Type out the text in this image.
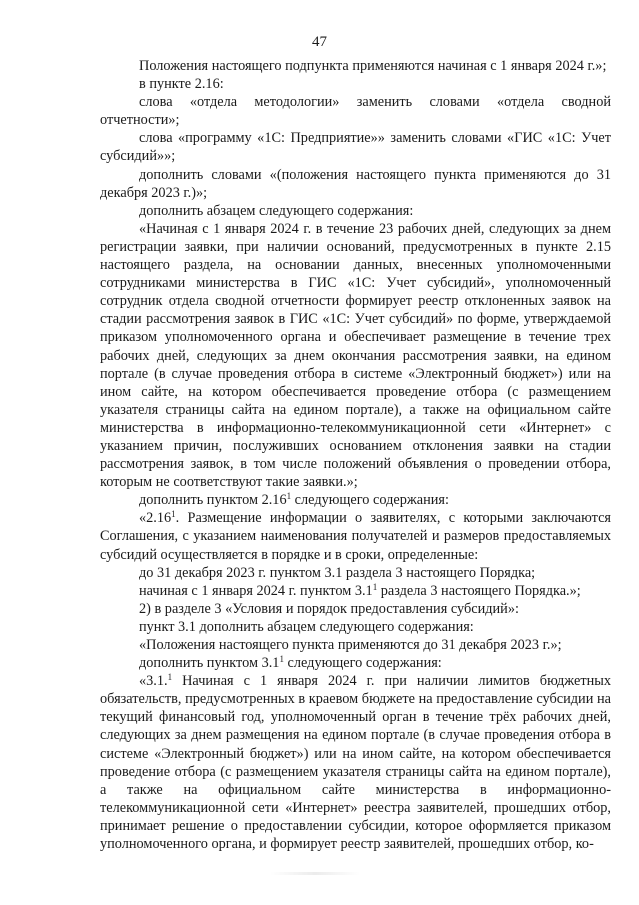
47

Положения настоящего подпункта применяются начиная с 1 января 2024 г.»;

в пункте 2.16:

слова «отдела методологии» заменить словами «отдела сводной отчетности»;

слова «программу «1С: Предприятие»» заменить словами «ГИС «1С: Учет субсидий»»;

дополнить словами «(положения настоящего пункта применяются до 31 декабря 2023 г.)»;

дополнить абзацем следующего содержания:

«Начиная с 1 января 2024 г. в течение 23 рабочих дней, следующих за днем регистрации заявки, при наличии оснований, предусмотренных в пункте 2.15 настоящего раздела, на основании данных, внесенных уполномоченными сотрудниками министерства в ГИС «1С: Учет субсидий», уполномоченный сотрудник отдела сводной отчетности формирует реестр отклоненных заявок на стадии рассмотрения заявок в ГИС «1С: Учет субсидий» по форме, утверждаемой приказом уполномоченного органа и обеспечивает размещение в течение трех рабочих дней, следующих за днем окончания рассмотрения заявки, на едином портале (в случае проведения отбора в системе «Электронный бюджет») или на ином сайте, на котором обеспечивается проведение отбора (с размещением указателя страницы сайта на едином портале), а также на официальном сайте министерства в информационно-телекоммуникационной сети «Интернет» с указанием причин, послуживших основанием отклонения заявки на стадии рассмотрения заявок, в том числе положений объявления о проведении отбора, которым не соответствуют такие заявки.»;

дополнить пунктом 2.16$^1$ следующего содержания:

«2.16$^1$. Размещение информации о заявителях, с которыми заключаются Соглашения, с указанием наименования получателей и размеров предоставляемых субсидий осуществляется в порядке и в сроки, определенные:

до 31 декабря 2023 г. пунктом 3.1 раздела 3 настоящего Порядка;

начиная с 1 января 2024 г. пунктом $3.1^1$ раздела 3 настоящего Порядка.»;

2) в разделе 3 «Условия и порядок предоставления субсидий»:

пункт 3.1 дополнить абзацем следующего содержания:

«Положения настоящего пункта применяются до 31 декабря 2023 г.»;

дополнить пунктом $3.1^1$ следующего содержания:

«3.1.$^1$ Начиная с 1 января 2024 г. при наличии лимитов бюджетных обязательств, предусмотренных в краевом бюджете на предоставление субсидии на текущий финансовый год, уполномоченный орган в течение трёх рабочих дней, следующих за днем размещения на едином портале (в случае проведения отбора в системе «Электронный бюджет») или на ином сайте, на котором обеспечивается проведение отбора (с размещением указателя страницы сайта на едином портале), а также на официальном сайте министерства в информационно-телекоммуникационной сети «Интернет» реестра заявителей, прошедших отбор, принимает решение о предоставлении субсидии, которое оформляется приказом уполномоченного органа, и формирует реестр заявителей, прошедших отбор, ко-
